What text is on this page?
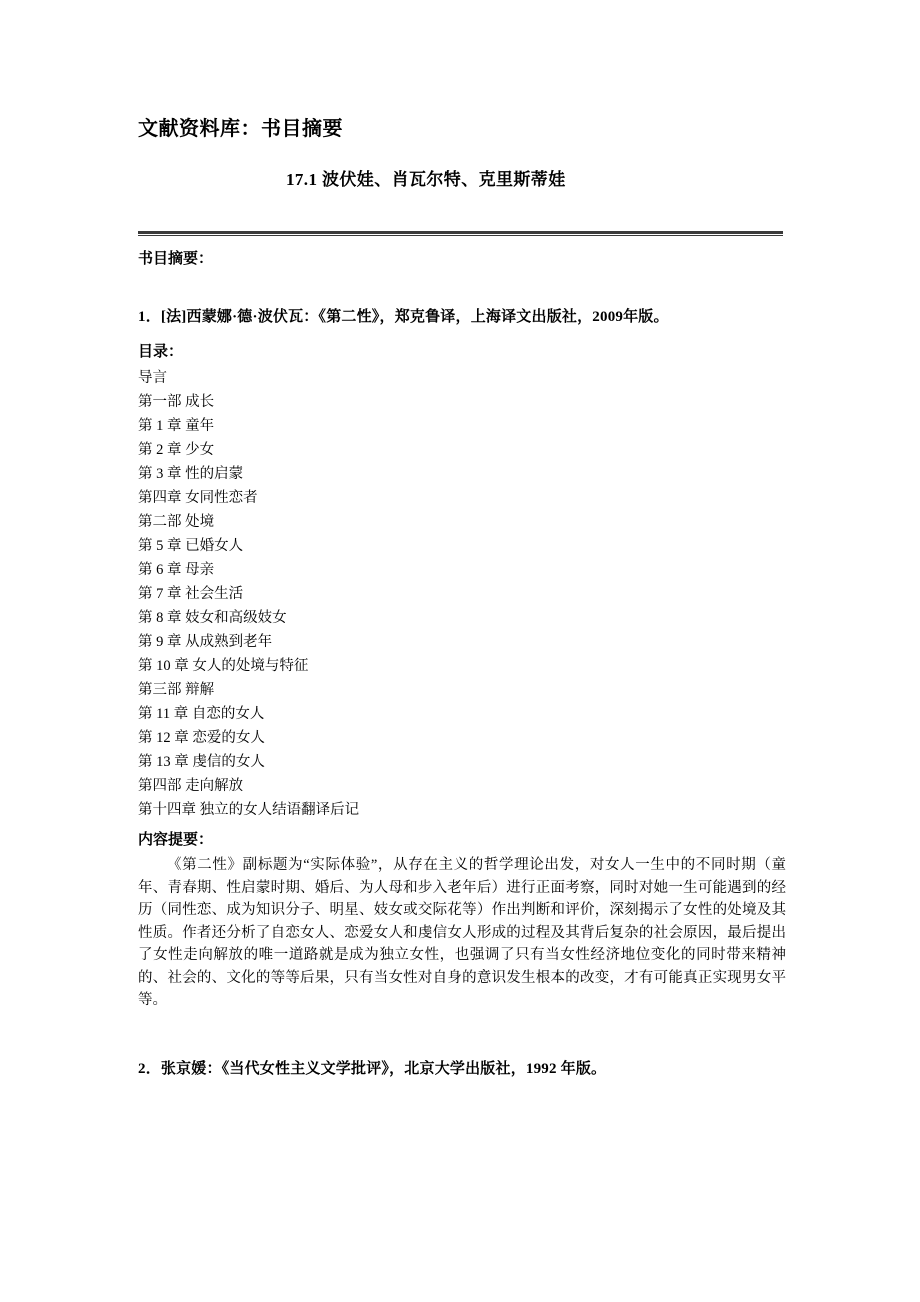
文献资料库：书目摘要
17.1 波伏娃、肖瓦尔特、克里斯蒂娃

书目摘要：

1．[法]西蒙娜·德·波伏瓦：《第二性》，郑克鲁译，上海译文出版社，2009年版。

目录：

导言
第一部 成长
第 1 章 童年
第 2 章 少女
第 3 章 性的启蒙
第四章 女同性恋者
第二部 处境
第 5 章 已婚女人
第 6 章 母亲
第 7 章 社会生活
第 8 章 妓女和高级妓女
第 9 章 从成熟到老年
第 10 章 女人的处境与特征
第三部 辩解
第 11 章 自恋的女人
第 12 章 恋爱的女人
第 13 章 虔信的女人
第四部 走向解放
第十四章 独立的女人结语翻译后记

内容提要：

《第二性》副标题为“实际体验”，从存在主义的哲学理论出发，对女人一生中的不同时期（童年、青春期、性启蒙时期、婚后、为人母和步入老年后）进行正面考察，同时对她一生可能遇到的经历（同性恋、成为知识分子、明星、妓女或交际花等）作出判断和评价，深刻揭示了女性的处境及其性质。作者还分析了自恋女人、恋爱女人和虔信女人形成的过程及其背后复杂的社会原因，最后提出了女性走向解放的唯一道路就是成为独立女性，也强调了只有当女性经济地位变化的同时带来精神的、社会的、文化的等等后果，只有当女性对自身的意识发生根本的改变，才有可能真正实现男女平等。

2．张京媛：《当代女性主义文学批评》，北京大学出版社，1992 年版。
